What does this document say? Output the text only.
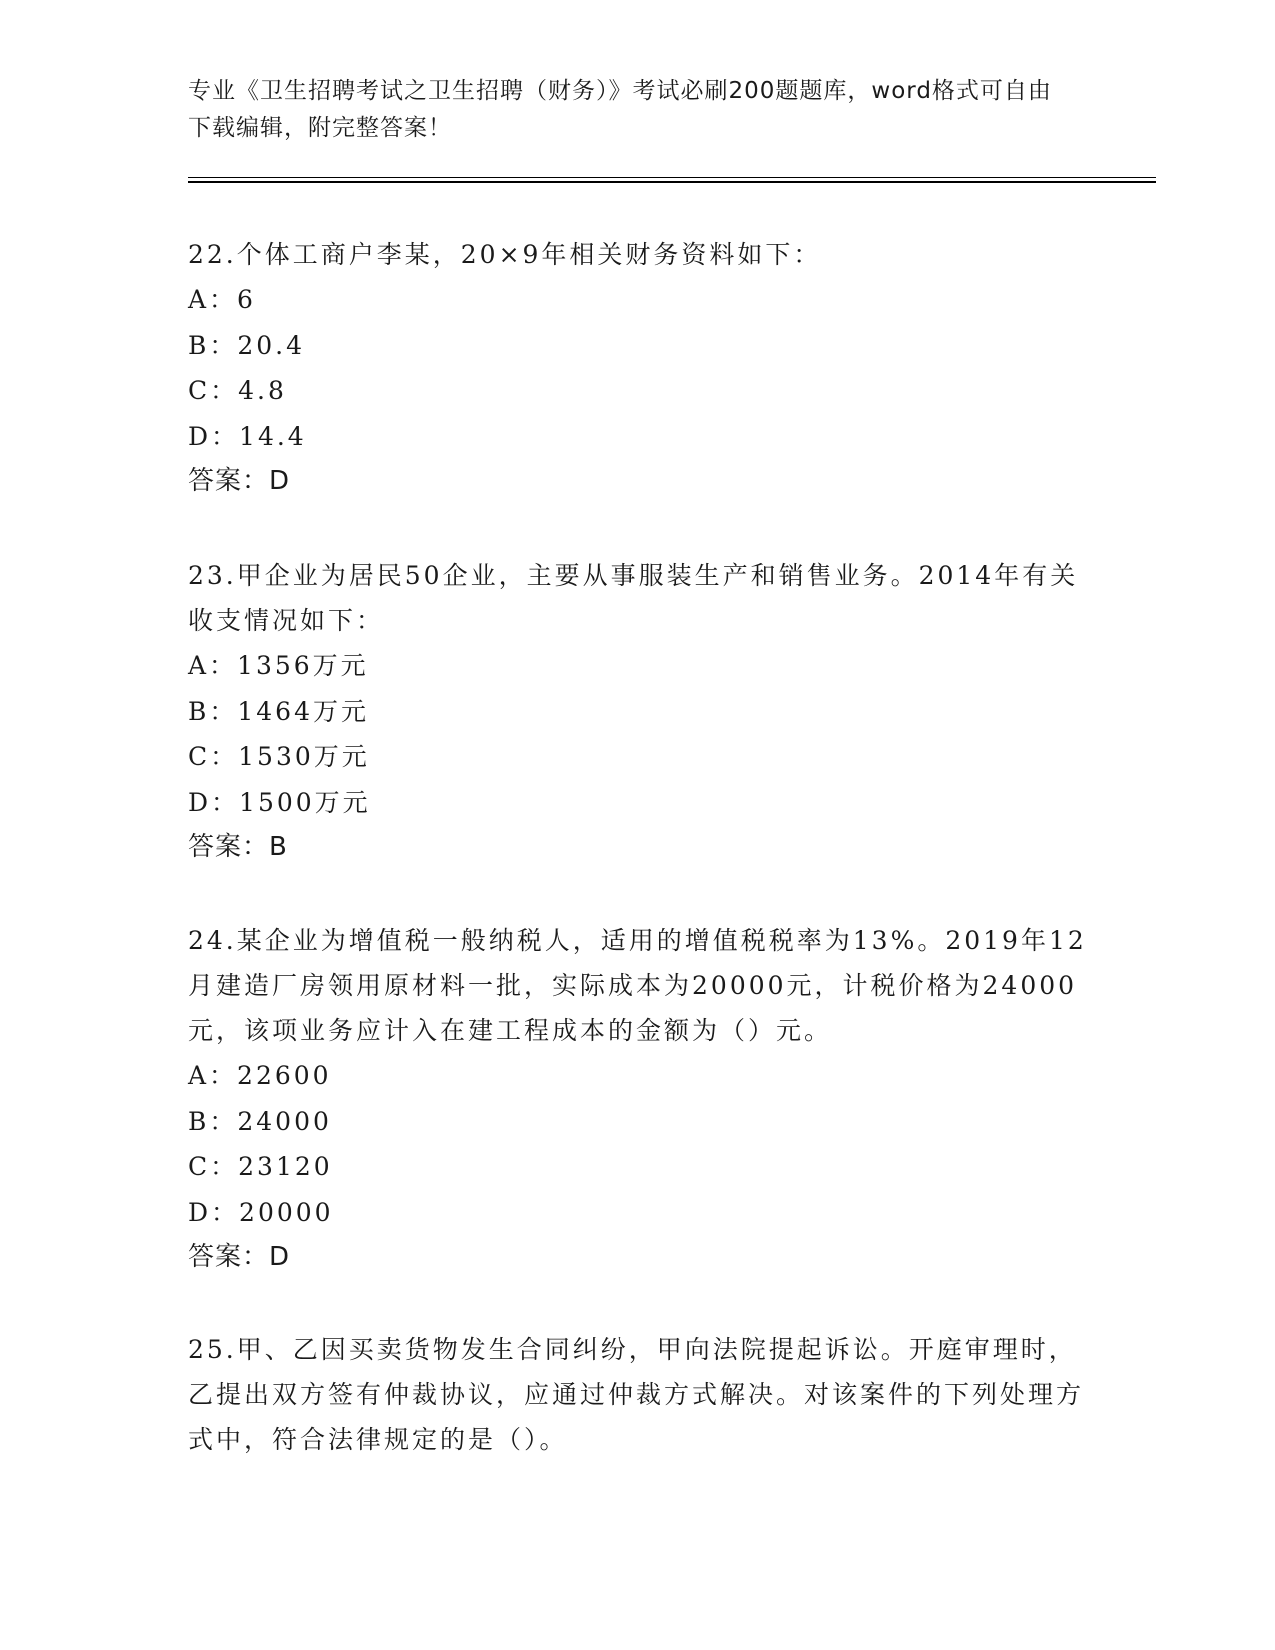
专业《卫生招聘考试之卫生招聘（财务）》考试必刷200题题库，word格式可自由下载编辑，附完整答案！

22.个体工商户李某，20×9年相关财务资料如下：

A：6
B：20.4
C：4.8
D：14.4
答案：D

23.甲企业为居民50企业，主要从事服装生产和销售业务。2014年有关收支情况如下：

A：1356万元
B：1464万元
C：1530万元
D：1500万元
答案：B

24.某企业为增值税一般纳税人，适用的增值税税率为13%。2019年12月建造厂房领用原材料一批，实际成本为20000元，计税价格为24000元，该项业务应计入在建工程成本的金额为（）元。

A：22600
B：24000
C：23120
D：20000
答案：D

25.甲、乙因买卖货物发生合同纠纷，甲向法院提起诉讼。开庭审理时，乙提出双方签有仲裁协议，应通过仲裁方式解决。对该案件的下列处理方式中，符合法律规定的是（）。
